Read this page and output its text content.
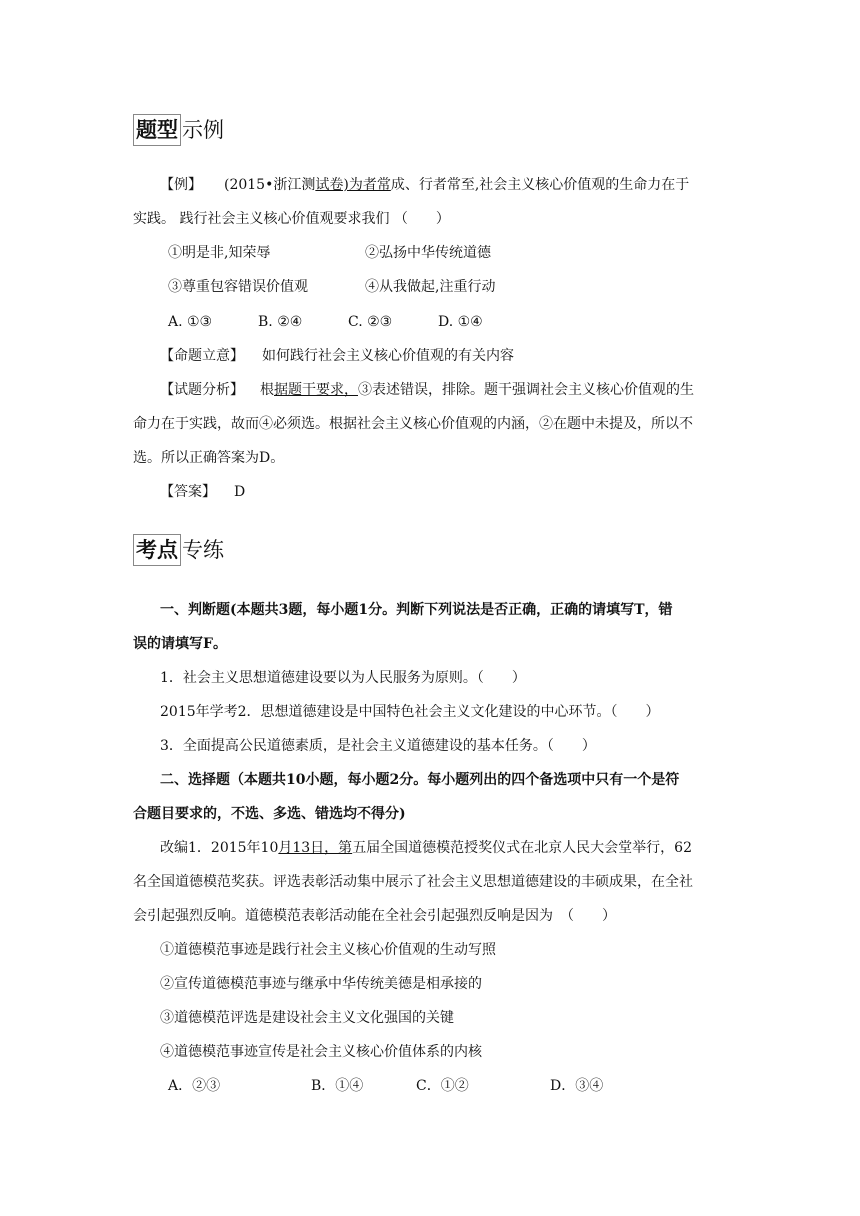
题型 示例
【例】 (2015•浙江测试卷)为者常成、行者常至,社会主义核心价值观的生命力在于
实践。 践行社会主义核心价值观要求我们 （　　）
①明是非,知荣辱	②弘扬中华传统道德
③尊重包容错误价值观	④从我做起,注重行动
A. ①③	B. ②④	C. ②③	D. ①④
【命题立意】 如何践行社会主义核心价值观的有关内容
【试题分析】 根据题干要求，③表述错误，排除。题干强调社会主义核心价值观的生
命力在于实践，故而④必须选。根据社会主义核心价值观的内涵，②在题中未提及，所以不
选。所以正确答案为D。
【答案】 D
考点 专练
一、判断题(本题共3题，每小题1分。判断下列说法是否正确，正确的请填写T，错
误的请填写F。
1．社会主义思想道德建设要以为人民服务为原则。（　　）
2015年学考2．思想道德建设是中国特色社会主义文化建设的中心环节。（　　）
3．全面提高公民道德素质，是社会主义道德建设的基本任务。（　　）
二、选择题（本题共10小题，每小题2分。每小题列出的四个备选项中只有一个是符
合题目要求的，不选、多选、错选均不得分)
改编1．2015年10月13日，第五届全国道德模范授奖仪式在北京人民大会堂举行，62
名全国道德模范奖获。评选表彰活动集中展示了社会主义思想道德建设的丰硕成果，在全社
会引起强烈反响。道德模范表彰活动能在全社会引起强烈反响是因为　（　　）
①道德模范事迹是践行社会主义核心价值观的生动写照
②宣传道德模范事迹与继承中华传统美德是相承接的
③道德模范评选是建设社会主义文化强国的关键
④道德模范事迹宣传是社会主义核心价值体系的内核
A．②③	B．①④	C．①②	D．③④
